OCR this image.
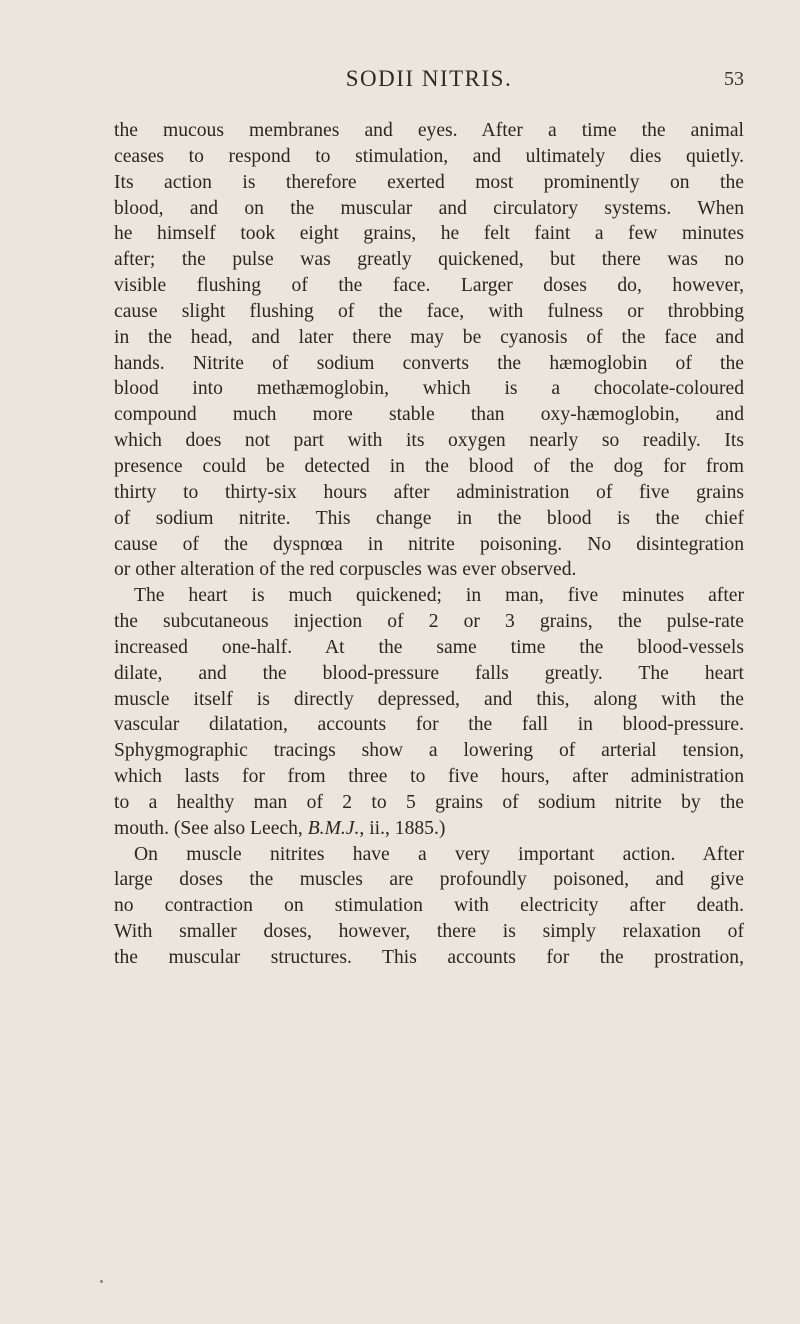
SODII NITRIS.	53
the mucous membranes and eyes. After a time the animal
ceases to respond to stimulation, and ultimately dies quietly.
Its action is therefore exerted most prominently on the
blood, and on the muscular and circulatory systems. When
he himself took eight grains, he felt faint a few minutes
after; the pulse was greatly quickened, but there was no
visible flushing of the face. Larger doses do, however,
cause slight flushing of the face, with fulness or throbbing
in the head, and later there may be cyanosis of the face and
hands. Nitrite of sodium converts the hæmoglobin of the
blood into methæmoglobin, which is a chocolate-coloured
compound much more stable than oxy-hæmoglobin, and
which does not part with its oxygen nearly so readily. Its
presence could be detected in the blood of the dog for from
thirty to thirty-six hours after administration of five grains
of sodium nitrite. This change in the blood is the chief
cause of the dyspnœa in nitrite poisoning. No disintegration
or other alteration of the red corpuscles was ever observed.
The heart is much quickened; in man, five minutes after
the subcutaneous injection of 2 or 3 grains, the pulse-rate
increased one-half. At the same time the blood-vessels
dilate, and the blood-pressure falls greatly. The heart
muscle itself is directly depressed, and this, along with the
vascular dilatation, accounts for the fall in blood-pressure.
Sphygmographic tracings show a lowering of arterial tension,
which lasts for from three to five hours, after administration
to a healthy man of 2 to 5 grains of sodium nitrite by the
mouth. (See also Leech, B.M.J., ii., 1885.)
On muscle nitrites have a very important action. After
large doses the muscles are profoundly poisoned, and give
no contraction on stimulation with electricity after death.
With smaller doses, however, there is simply relaxation of
the muscular structures. This accounts for the prostration,
